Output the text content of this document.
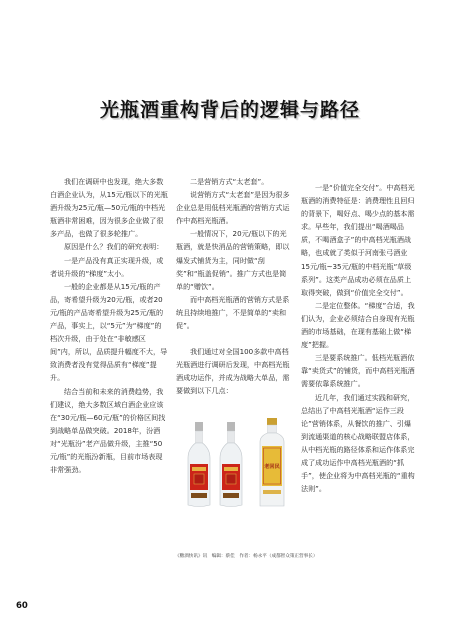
光瓶酒重构背后的逻辑与路径

我们在调研中也发现，绝大多数白酒企业认为，从15元/瓶以下的光瓶酒升级为25元/瓶—50元/瓶的中档光瓶酒非常困难，因为很多企业做了很多产品，也做了很多轮推广。

原因是什么？我们的研究表明：

一是产品没有真正实现升级，或者说升级的“梯度”太小。

一般的企业都是从15元/瓶的产品，寄希望升级为20元/瓶，或者20元/瓶的产品寄希望升级为25元/瓶的产品，事实上，以“5元”为“梯度”的档次升级，由于处在“非敏感区间”内，所以，品质提升幅度不大，导致消费者没有觉得品质有“梯度”提升。

结合当前和未来的消费趋势，我们建议，绝大多数区域白酒企业应该在“30元/瓶—60元/瓶”的价格区间找到战略单品做突破。2018年，汾酒对“光瓶汾”老产品做升级，主推“50元/瓶”的光瓶汾新瓶，目前市场表现非常强劲。

二是营销方式“太老套”。

说营销方式“太老套”是因为很多企业总是用低档光瓶酒的营销方式运作中高档光瓶酒。

一般情况下，20元/瓶以下的光瓶酒，就是快消品的营销策略，即以爆发式铺货为主，同时做“刮奖”和“瓶盖促销”。推广方式也是简单的“赠饮”。

而中高档光瓶酒的营销方式是系统且持续地推广，不是简单的“卖和促”。

我们通过对全国100多款中高档光瓶酒进行调研后发现，中高档光瓶酒成功运作，并成为战略大单品，需要做到以下几点：

一是“价值完全交付”。中高档光瓶酒的消费特征是：消费理性且回归的背景下，喝好点、喝少点的基本需求。早些年，我们提出“喝酒喝品质，不喝酒盒子”的中高档光瓶酒战略，也成就了类似于河南张弓酒业15元/瓶~35元/瓶的中档光瓶“草级系列”。这类产品成功必须在品质上取得突破，做到“价值完全交付”。

二是定位整体。“梯度”合适，我们认为，企业必须结合自身现有光瓶酒的市场基础，在现有基础上做“梯度”把握。

三是要系统推广。低档光瓶酒依靠“卖货式”的铺货，而中高档光瓶酒需要依靠系统推广。

近几年，我们通过实践和研究，总结出了中高档光瓶酒“运作三段论”营销体系，从餐饮的推广、引爆到流通渠道的核心战略联盟店体系，从中档光瓶的路径体系和运作体系完成了成功运作中高档光瓶酒的“抓手”，使企业将为中高档光瓶的“重构法则”。

老回民
《糖酒快讯》讯　编辑：蔡佳　作者：杨永平（成都智众策正营事长）
60
